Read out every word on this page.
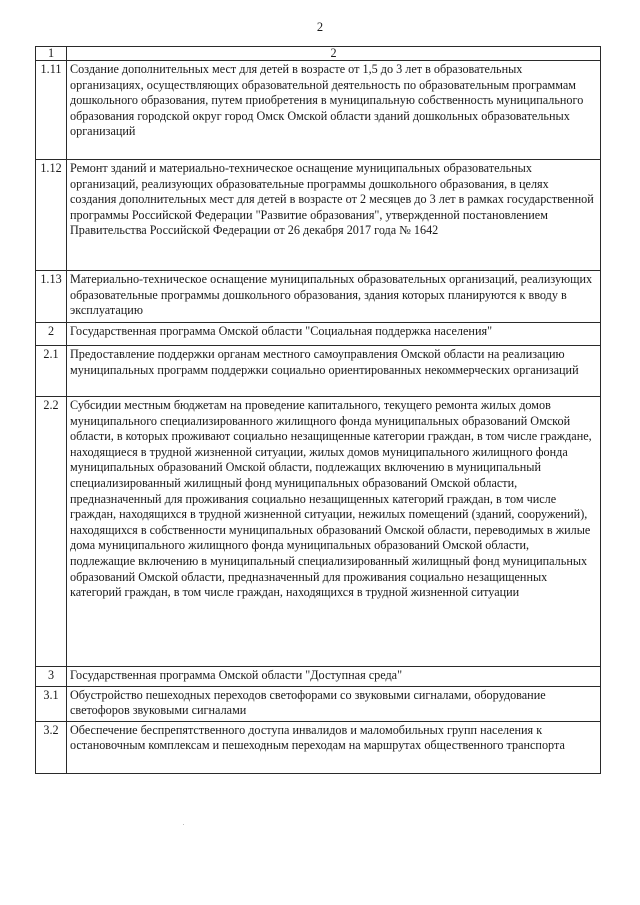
2
1	2
1.11	Создание дополнительных мест для детей в возрасте от 1,5 до 3 лет в образовательных организациях, осуществляющих образовательной деятельность по образовательным программам дошкольного образования, путем приобретения в муниципальную собственность муниципального образования городской округ город Омск Омской области зданий дошкольных образовательных организаций
1.12	Ремонт зданий и материально-техническое оснащение муниципальных образовательных организаций, реализующих образовательные программы дошкольного образования, в целях создания дополнительных мест для детей в возрасте от 2 месяцев до 3 лет в рамках государственной программы Российской Федерации "Развитие образования", утвержденной постановлением Правительства Российской Федерации от 26 декабря 2017 года № 1642
1.13	Материально-техническое оснащение муниципальных образовательных организаций, реализующих образовательные программы дошкольного образования, здания которых планируются к вводу в эксплуатацию
2	Государственная программа Омской области "Социальная поддержка населения"
2.1	Предоставление поддержки органам местного самоуправления Омской области на реализацию муниципальных программ поддержки социально ориентированных некоммерческих организаций
2.2	Субсидии местным бюджетам на проведение капитального, текущего ремонта жилых домов муниципального специализированного жилищного фонда муниципальных образований Омской области, в которых проживают социально незащищенные категории граждан, в том числе граждане, находящиеся в трудной жизненной ситуации, жилых домов муниципального жилищного фонда муниципальных образований Омской области, подлежащих включению в муниципальный специализированный жилищный фонд муниципальных образований Омской области, предназначенный для проживания социально незащищенных категорий граждан, в том числе граждан, находящихся в трудной жизненной ситуации, нежилых помещений (зданий, сооружений), находящихся в собственности муниципальных образований Омской области, переводимых в жилые дома муниципального жилищного фонда муниципальных образований Омской области, подлежащие включению в муниципальный специализированный жилищный фонд муниципальных образований Омской области, предназначенный для проживания социально незащищенных категорий граждан, в том числе граждан, находящихся в трудной жизненной ситуации
3	Государственная программа Омской области "Доступная среда"
3.1	Обустройство пешеходных переходов светофорами со звуковыми сигналами, оборудование светофоров звуковыми сигналами
3.2	Обеспечение беспрепятственного доступа инвалидов и маломобильных групп населения к остановочным комплексам и пешеходным переходам на маршрутах общественного транспорта
